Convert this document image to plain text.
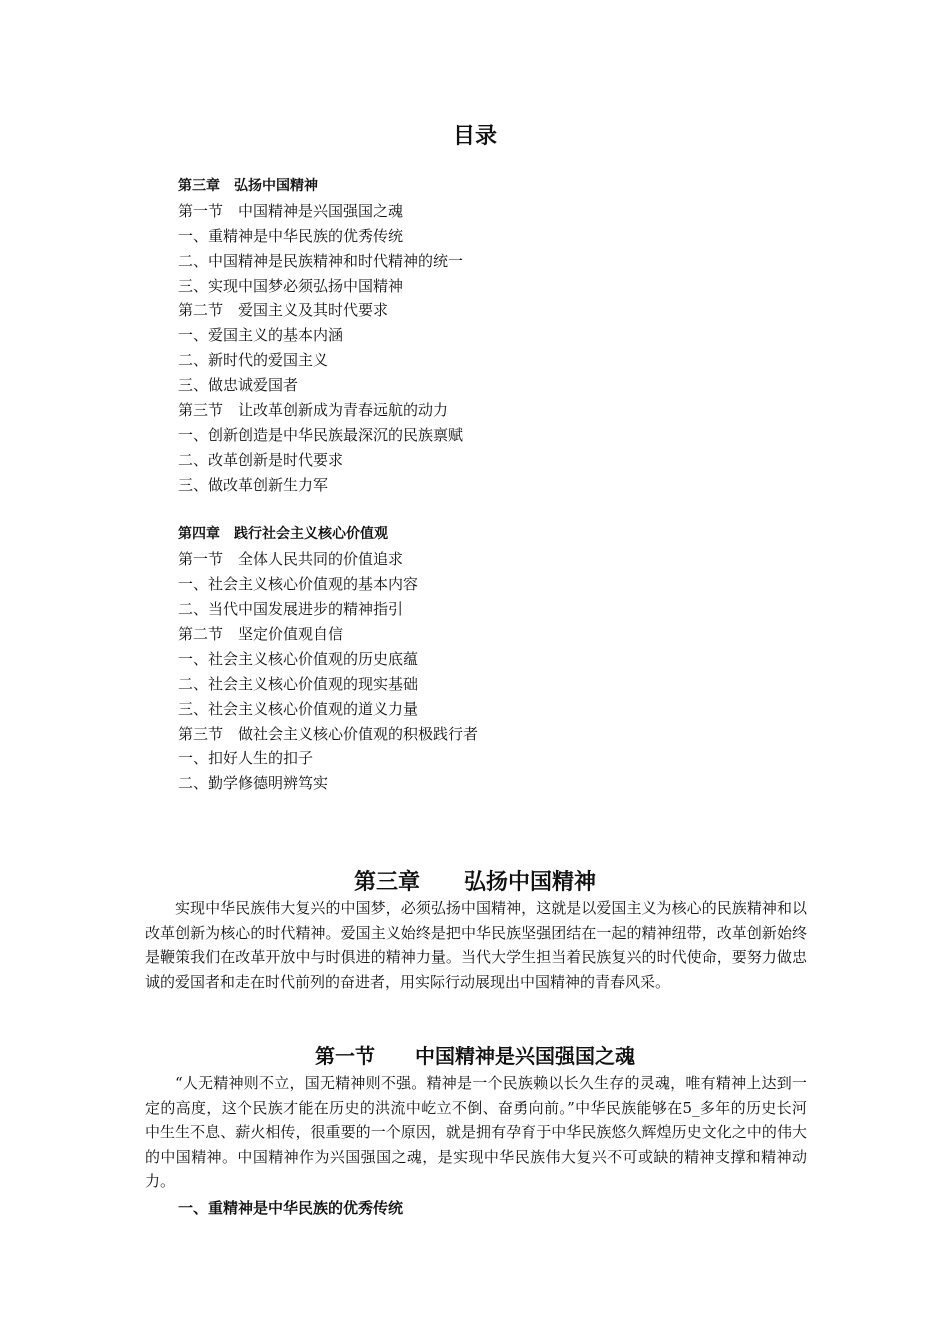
目录
第三章　弘扬中国精神
第一节　中国精神是兴国强国之魂
一、重精神是中华民族的优秀传统
二、中国精神是民族精神和时代精神的统一
三、实现中国梦必须弘扬中国精神
第二节　爱国主义及其时代要求
一、爱国主义的基本内涵
二、新时代的爱国主义
三、做忠诚爱国者
第三节　让改革创新成为青春远航的动力
一、创新创造是中华民族最深沉的民族禀赋
二、改革创新是时代要求
三、做改革创新生力军
第四章　践行社会主义核心价值观
第一节　全体人民共同的价值追求
一、社会主义核心价值观的基本内容
二、当代中国发展进步的精神指引
第二节　坚定价值观自信
一、社会主义核心价值观的历史底蕴
二、社会主义核心价值观的现实基础
三、社会主义核心价值观的道义力量
第三节　做社会主义核心价值观的积极践行者
一、扣好人生的扣子
二、勤学修德明辨笃实
第三章　　弘扬中国精神

实现中华民族伟大复兴的中国梦，必须弘扬中国精神，这就是以爱国主义为核心的民族精神和以改革创新为核心的时代精神。爱国主义始终是把中华民族坚强团结在一起的精神纽带，改革创新始终是鞭策我们在改革开放中与时俱进的精神力量。当代大学生担当着民族复兴的时代使命，要努力做忠诚的爱国者和走在时代前列的奋进者，用实际行动展现出中国精神的青春风采。

第一节　　中国精神是兴国强国之魂

“人无精神则不立，国无精神则不强。精神是一个民族赖以长久生存的灵魂，唯有精神上达到一定的高度，这个民族才能在历史的洪流中屹立不倒、奋勇向前。”中华民族能够在5_多年的历史长河中生生不息、薪火相传，很重要的一个原因，就是拥有孕育于中华民族悠久辉煌历史文化之中的伟大的中国精神。中国精神作为兴国强国之魂，是实现中华民族伟大复兴不可或缺的精神支撑和精神动力。

一、重精神是中华民族的优秀传统
